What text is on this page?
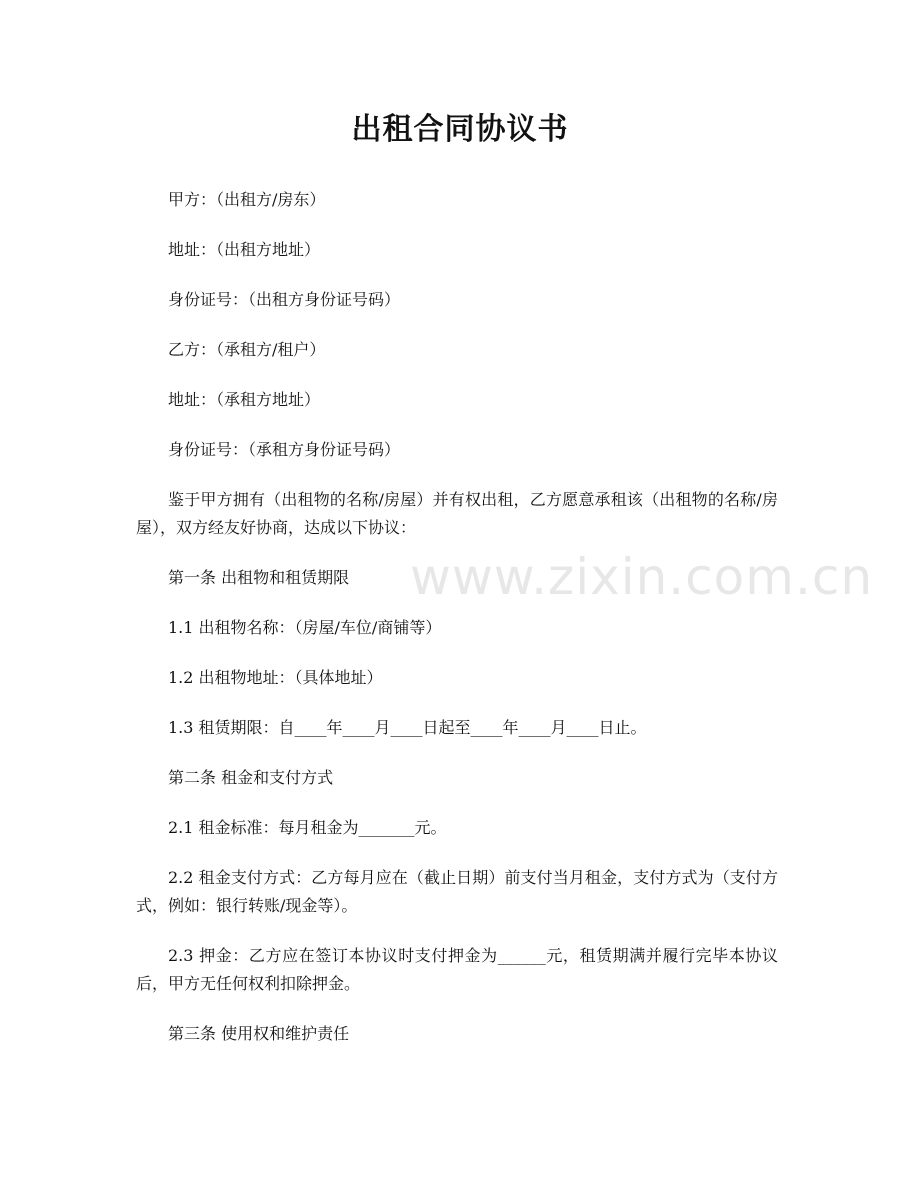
出租合同协议书
www.zixin.com.cn

甲方：（出租方/房东）

地址：（出租方地址）

身份证号：（出租方身份证号码）

乙方：（承租方/租户）

地址：（承租方地址）

身份证号：（承租方身份证号码）

鉴于甲方拥有（出租物的名称/房屋）并有权出租，乙方愿意承租该（出租物的名称/房屋），双方经友好协商，达成以下协议：

第一条 出租物和租赁期限

1.1 出租物名称：（房屋/车位/商铺等）

1.2 出租物地址：（具体地址）

1.3 租赁期限：自____年____月____日起至____年____月____日止。

第二条 租金和支付方式

2.1 租金标准：每月租金为_______元。

2.2 租金支付方式：乙方每月应在（截止日期）前支付当月租金，支付方式为（支付方式，例如：银行转账/现金等）。

2.3 押金：乙方应在签订本协议时支付押金为______元，租赁期满并履行完毕本协议后，甲方无任何权利扣除押金。

第三条 使用权和维护责任
